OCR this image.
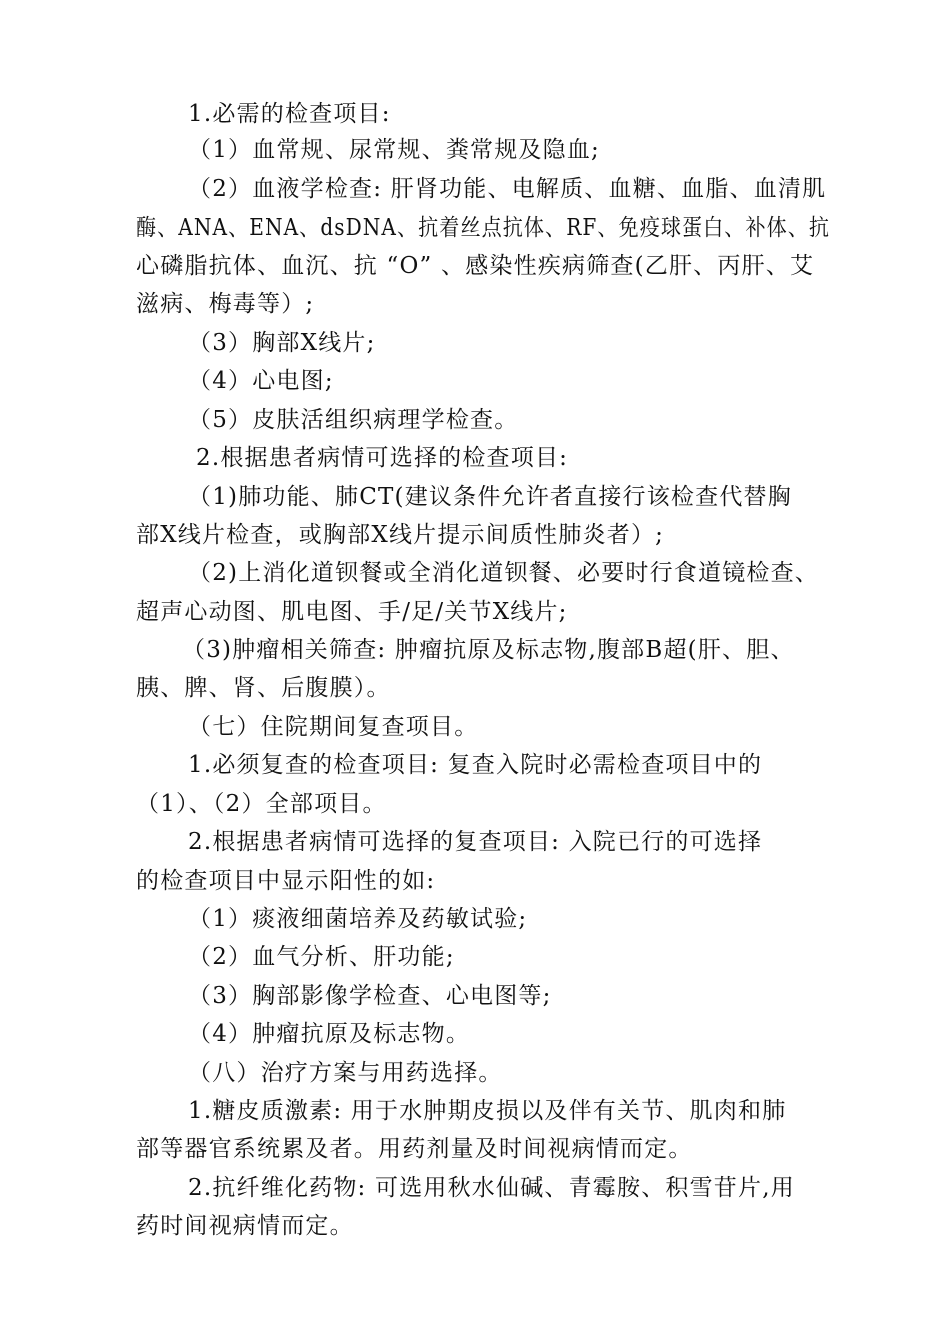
1.必需的检查项目:
（1）血常规、尿常规、粪常规及隐血;
（2）血液学检查: 肝肾功能、电解质、血糖、血脂、血清肌
酶、ANA、ENA、dsDNA、抗着丝点抗体、RF、免疫球蛋白、补体、抗
心磷脂抗体、血沉、抗 “O” 、感染性疾病筛查(乙肝、丙肝、艾
滋病、梅毒等）;
（3）胸部X线片;
（4）心电图;
（5）皮肤活组织病理学检查。
2.根据患者病情可选择的检查项目:
（1)肺功能、肺CT(建议条件允许者直接行该检查代替胸
部X线片检查，或胸部X线片提示间质性肺炎者）;
（2)上消化道钡餐或全消化道钡餐、必要时行食道镜检查、
超声心动图、肌电图、手/足/关节X线片;
（3)肿瘤相关筛查: 肿瘤抗原及标志物,腹部B超(肝、胆、
胰、脾、肾、后腹膜）。
（七）住院期间复查项目。
1.必须复查的检查项目: 复查入院时必需检查项目中的
（1）、（2）全部项目。
2.根据患者病情可选择的复查项目: 入院已行的可选择
的检查项目中显示阳性的如:
（1）痰液细菌培养及药敏试验;
（2）血气分析、肝功能;
（3）胸部影像学检查、心电图等;
（4）肿瘤抗原及标志物。
（八）治疗方案与用药选择。
1.糖皮质激素: 用于水肿期皮损以及伴有关节、肌肉和肺
部等器官系统累及者。用药剂量及时间视病情而定。
2.抗纤维化药物: 可选用秋水仙碱、青霉胺、积雪苷片,用
药时间视病情而定。
